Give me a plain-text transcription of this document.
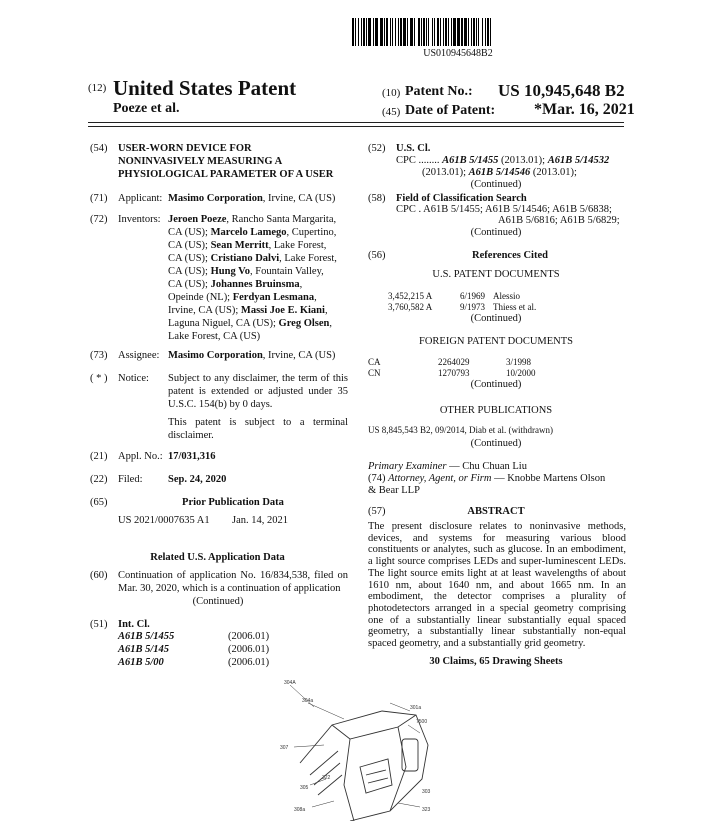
US010945648B2
(12) United States Patent
Poeze et al.
(10) Patent No.: US 10,945,648 B2
(45) Date of Patent: *Mar. 16, 2021
(54) USER-WORN DEVICE FOR
NONINVASIVELY MEASURING A
PHYSIOLOGICAL PARAMETER OF A USER
(71) Applicant: Masimo Corporation, Irvine, CA (US)
(72) Inventors: Jeroen Poeze, Rancho Santa Margarita,
CA (US); Marcelo Lamego, Cupertino,
CA (US); Sean Merritt, Lake Forest,
CA (US); Cristiano Dalvi, Lake Forest,
CA (US); Hung Vo, Fountain Valley,
CA (US); Johannes Bruinsma,
Opeinde (NL); Ferdyan Lesmana,
Irvine, CA (US); Massi Joe E. Kiani,
Laguna Niguel, CA (US); Greg Olsen,
Lake Forest, CA (US)
(73) Assignee: Masimo Corporation, Irvine, CA (US)
( * ) Notice: Subject to any disclaimer, the term of this patent is extended or adjusted under 35 U.S.C. 154(b) by 0 days.
This patent is subject to a terminal disclaimer.
(21) Appl. No.: 17/031,316
(22) Filed: Sep. 24, 2020
(65)	Prior Publication Data
US 2021/0007635 A1 Jan. 14, 2021
Related U.S. Application Data
(60) Continuation of application No. 16/834,538, filed on Mar. 30, 2020, which is a continuation of application
(Continued)
(51) Int. Cl.
A61B 5/1455	(2006.01)
A61B 5/145	(2006.01)
A61B 5/00	(2006.01)
(52) U.S. Cl.
CPC ........ A61B 5/1455 (2013.01); A61B 5/14532
(2013.01); A61B 5/14546 (2013.01);
(Continued)
(58) Field of Classification Search
CPC . A61B 5/1455; A61B 5/14546; A61B 5/6838;
A61B 5/6816; A61B 5/6829;
(Continued)
(56)	References Cited
U.S. PATENT DOCUMENTS
3,452,215 A	6/1969 Alessio
3,760,582 A	9/1973 Thiess et al.
(Continued)
FOREIGN PATENT DOCUMENTS
CA	2264029	3/1998
CN	1270793	10/2000
(Continued)
OTHER PUBLICATIONS
US 8,845,543 B2, 09/2014, Diab et al. (withdrawn)
(Continued)
Primary Examiner — Chu Chuan Liu
(74) Attorney, Agent, or Firm — Knobbe Martens Olson
& Bear LLP
(57)	ABSTRACT
The present disclosure relates to noninvasive methods, devices, and systems for measuring various blood constituents or analytes, such as glucose. In an embodiment, a light source comprises LEDs and super-luminescent LEDs. The light source emits light at at least wavelengths of about 1610 nm, about 1640 nm, and about 1665 nm. In an embodiment, the detector comprises a plurality of photodetectors arranged in a special geometry comprising one of a substantially linear substantially equal spaced geometry, a substantially linear substantially non-equal spaced geometry, and a substantially grid geometry.
30 Claims, 65 Drawing Sheets
304A
304a
301a
7500
307
322
305
303
308a	323
